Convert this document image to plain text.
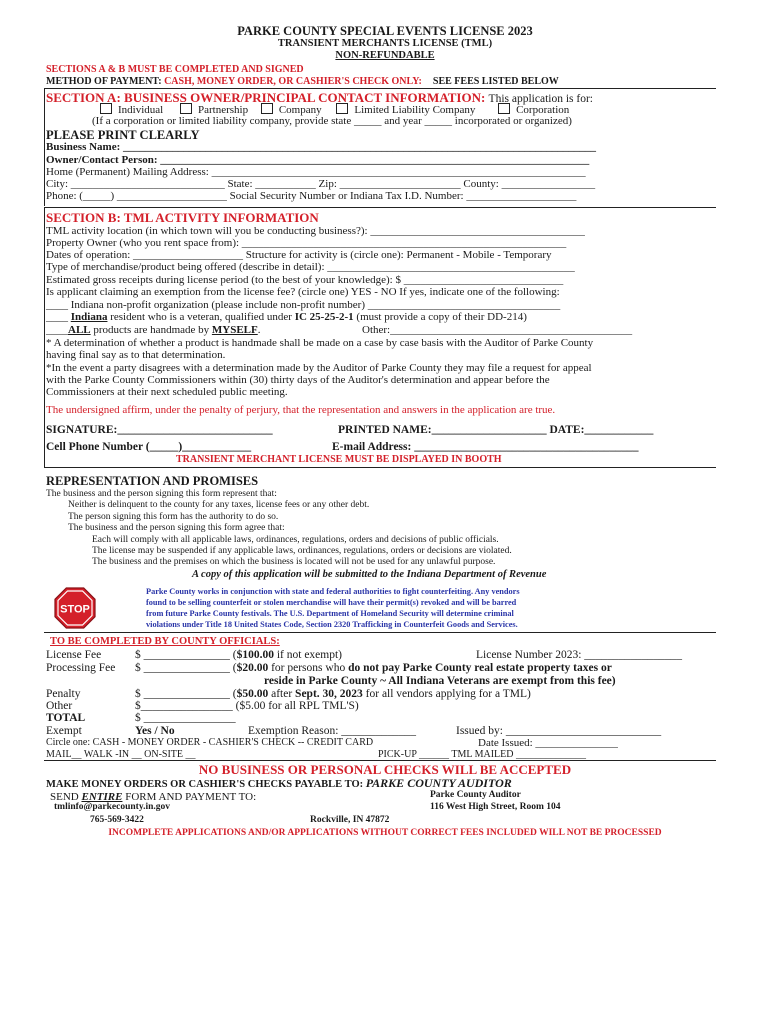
PARKE COUNTY SPECIAL EVENTS LICENSE 2023
TRANSIENT MERCHANTS LICENSE (TML)
NON-REFUNDABLE
SECTIONS A & B MUST BE COMPLETED AND SIGNED
METHOD OF PAYMENT: CASH, MONEY ORDER, OR CASHIER'S CHECK ONLY: SEE FEES LISTED BELOW
SECTION A: BUSINESS OWNER/PRINCIPAL CONTACT INFORMATION: This application is for:
Individual	Partnership	Company	Limited Liability Company	Corporation
(If a corporation or limited liability company, provide state _____ and year _____ incorporated or organized)
PLEASE PRINT CLEARLY
Business Name: ______________________________________________________________________________________
Owner/Contact Person: ______________________________________________________________________________
Home (Permanent) Mailing Address: ____________________________________________________________________
City: ____________________________ State: ___________ Zip: ______________________ County: _________________
Phone: (_____) ____________________ Social Security Number or Indiana Tax I.D. Number: ____________________
SECTION B: TML ACTIVITY INFORMATION
TML activity location (in which town will you be conducting business?): _______________________________________
Property Owner (who you rent space from): ___________________________________________________________
Dates of operation: ____________________ Structure for activity is (circle one): Permanent - Mobile - Temporary
Type of merchandise/product being offered (describe in detail): _____________________________________________
Estimated gross receipts during license period (to the best of your knowledge): $ _____________________________
Is applicant claiming an exemption from the license fee? (circle one) YES - NO If yes, indicate one of the following:
____ Indiana non-profit organization (please include non-profit number) ___________________________________
____ Indiana resident who is a veteran, qualified under IC 25-25-2-1 (must provide a copy of their DD-214)
____ALL products are handmade by MYSELF.	Other:____________________________________________
* A determination of whether a product is handmade shall be made on a case by case basis with the Auditor of Parke County
having final say as to that determination.
*In the event a party disagrees with a determination made by the Auditor of Parke County they may file a request for appeal
with the Parke County Commissioners within (30) thirty days of the Auditor's determination and appear before the
Commissioners at their next scheduled public meeting.
The undersigned affirm, under the penalty of perjury, that the representation and answers in the application are true.
SIGNATURE:___________________________	PRINTED NAME:____________________ DATE:____________
Cell Phone Number (_____)____________	E-mail Address: _______________________________________
TRANSIENT MERCHANT LICENSE MUST BE DISPLAYED IN BOOTH
REPRESENTATION AND PROMISES
The business and the person signing this form represent that:
Neither is delinquent to the county for any taxes, license fees or any other debt.
The person signing this form has the authority to do so.
The business and the person signing this form agree that:
Each will comply with all applicable laws, ordinances, regulations, orders and decisions of public officials.
The license may be suspended if any applicable laws, ordinances, regulations, orders or decisions are violated.
The business and the premises on which the business is located will not be used for any unlawful purpose.
A copy of this application will be submitted to the Indiana Department of Revenue
STOP
Parke County works in conjunction with state and federal authorities to fight counterfeiting. Any vendors
found to be selling counterfeit or stolen merchandise will have their permit(s) revoked and will be barred
from future Parke County festivals. The U.S. Department of Homeland Security will determine criminal
violations under Title 18 United States Code, Section 2320 Trafficking in Counterfeit Goods and Services.
TO BE COMPLETED BY COUNTY OFFICIALS:
License Fee	$ _______________ ($100.00 if not exempt)	License Number 2023: _________________
Processing Fee $ _______________ ($20.00 for persons who do not pay Parke County real estate property taxes or
reside in Parke County ~ All Indiana Veterans are exempt from this fee)
Penalty	$ _______________ ($50.00 after Sept. 30, 2023 for all vendors applying for a TML)
Other	$________________ ($5.00 for all RPL TML'S)
TOTAL	$ ________________
Exempt	Yes / No	Exemption Reason: _____________	Issued by: ___________________________
Circle one: CASH - MONEY ORDER - CASHIER'S CHECK -- CREDIT CARD	Date Issued: _______________
MAIL__ WALK -IN __ ON-SITE __	PICK-UP ______ TML MAILED ______________
NO BUSINESS OR PERSONAL CHECKS WILL BE ACCEPTED
MAKE MONEY ORDERS OR CASHIER'S CHECKS PAYABLE TO: PARKE COUNTY AUDITOR
SEND ENTIRE FORM AND PAYMENT TO:	Parke County Auditor
tmlinfo@parkecounty.in.gov	116 West High Street, Room 104
765-569-3422	Rockville, IN 47872
INCOMPLETE APPLICATIONS AND/OR APPLICATIONS WITHOUT CORRECT FEES INCLUDED WILL NOT BE PROCESSED
